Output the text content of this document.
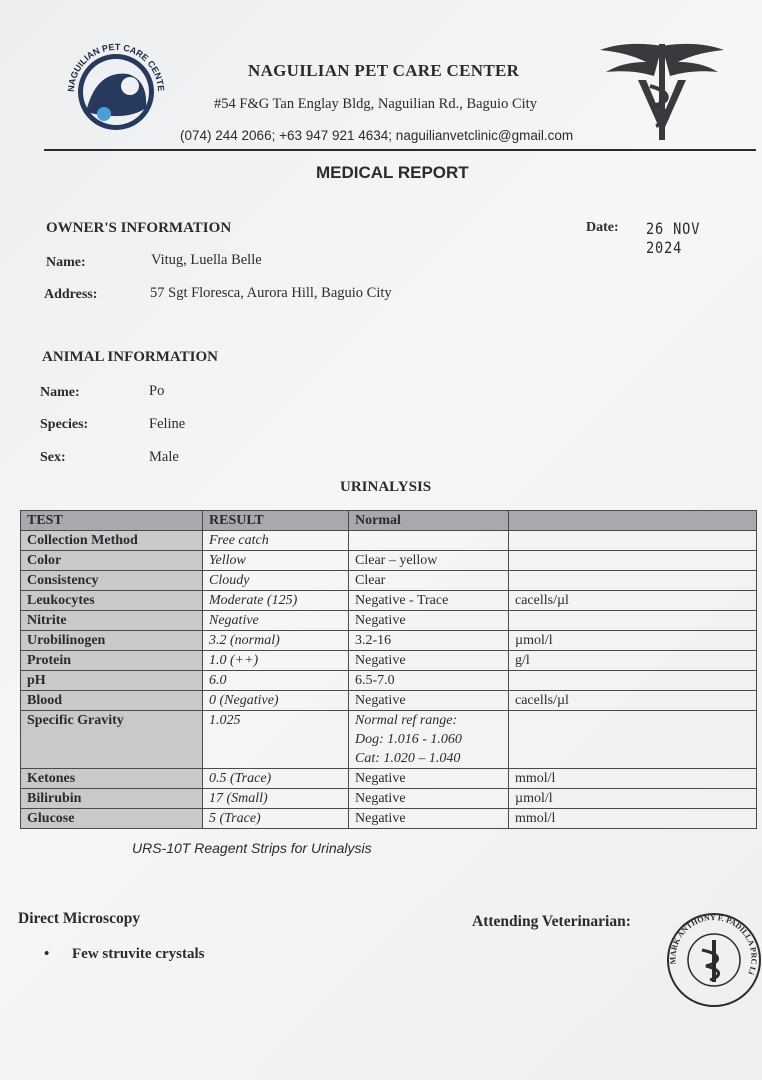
NAGUILIAN PET CARE CENTE
NAGUILIAN PET CARE CENTER
#54 F&G Tan Englay Bldg, Naguilian Rd., Baguio City
(074) 244 2066; +63 947 921 4634; naguilianvetclinic@gmail.com
MEDICAL REPORT
OWNER'S INFORMATION	Date: 26 NOV 2024
Name:	Vitug, Luella Belle
Address:	57 Sgt Floresca, Aurora Hill, Baguio City
ANIMAL INFORMATION
Name:	Po
Species:	Feline
Sex:	Male
URINALYSIS
TEST	RESULT	Normal	
Collection Method	Free catch		
Color	Yellow	Clear – yellow	
Consistency	Cloudy	Clear	
Leukocytes	Moderate (125)	Negative - Trace	cacells/µl
Nitrite	Negative	Negative	
Urobilinogen	3.2 (normal)	3.2-16	µmol/l
Protein	1.0 (++)	Negative	g/l
pH	6.0	6.5-7.0	
Blood	0 (Negative)	Negative	cacells/µl
Specific Gravity	1.025	Normal ref range:
Dog: 1.016 - 1.060
Cat: 1.020 – 1.040	

Ketones	0.5 (Trace)	Negative	mmol/l
Bilirubin	17 (Small)	Negative	µmol/l
Glucose	5 (Trace)	Negative	mmol/l
URS-10T Reagent Strips for Urinalysis
Direct Microscopy	Attending Veterinarian:
• Few struvite crystals	MARK ANTHONY F. PADILLA PRC Li
